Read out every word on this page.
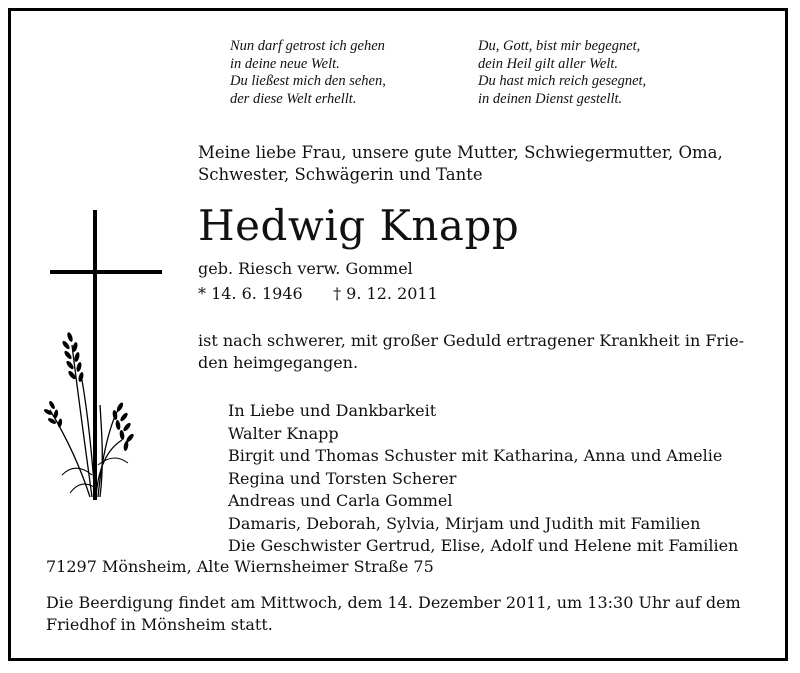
Nun darf getrost ich gehen
in deine neue Welt.
Du ließest mich den sehen,
der diese Welt erhellt.
Du, Gott, bist mir begegnet,
dein Heil gilt aller Welt.
Du hast mich reich gesegnet,
in deinen Dienst gestellt.
Meine liebe Frau, unsere gute Mutter, Schwiegermutter, Oma,
Schwester, Schwägerin und Tante
Hedwig Knapp
geb. Riesch verw. Gommel
* 14. 6. 1946 † 9. 12. 2011
ist nach schwerer, mit großer Geduld ertragener Krankheit in Frie-
den heimgegangen.
In Liebe und Dankbarkeit
Walter Knapp
Birgit und Thomas Schuster mit Katharina, Anna und Amelie
Regina und Torsten Scherer
Andreas und Carla Gommel
Damaris, Deborah, Sylvia, Mirjam und Judith mit Familien
Die Geschwister Gertrud, Elise, Adolf und Helene mit Familien
71297 Mönsheim, Alte Wiernsheimer Straße 75
Die Beerdigung findet am Mittwoch, dem 14. Dezember 2011, um 13:30 Uhr auf dem
Friedhof in Mönsheim statt.
